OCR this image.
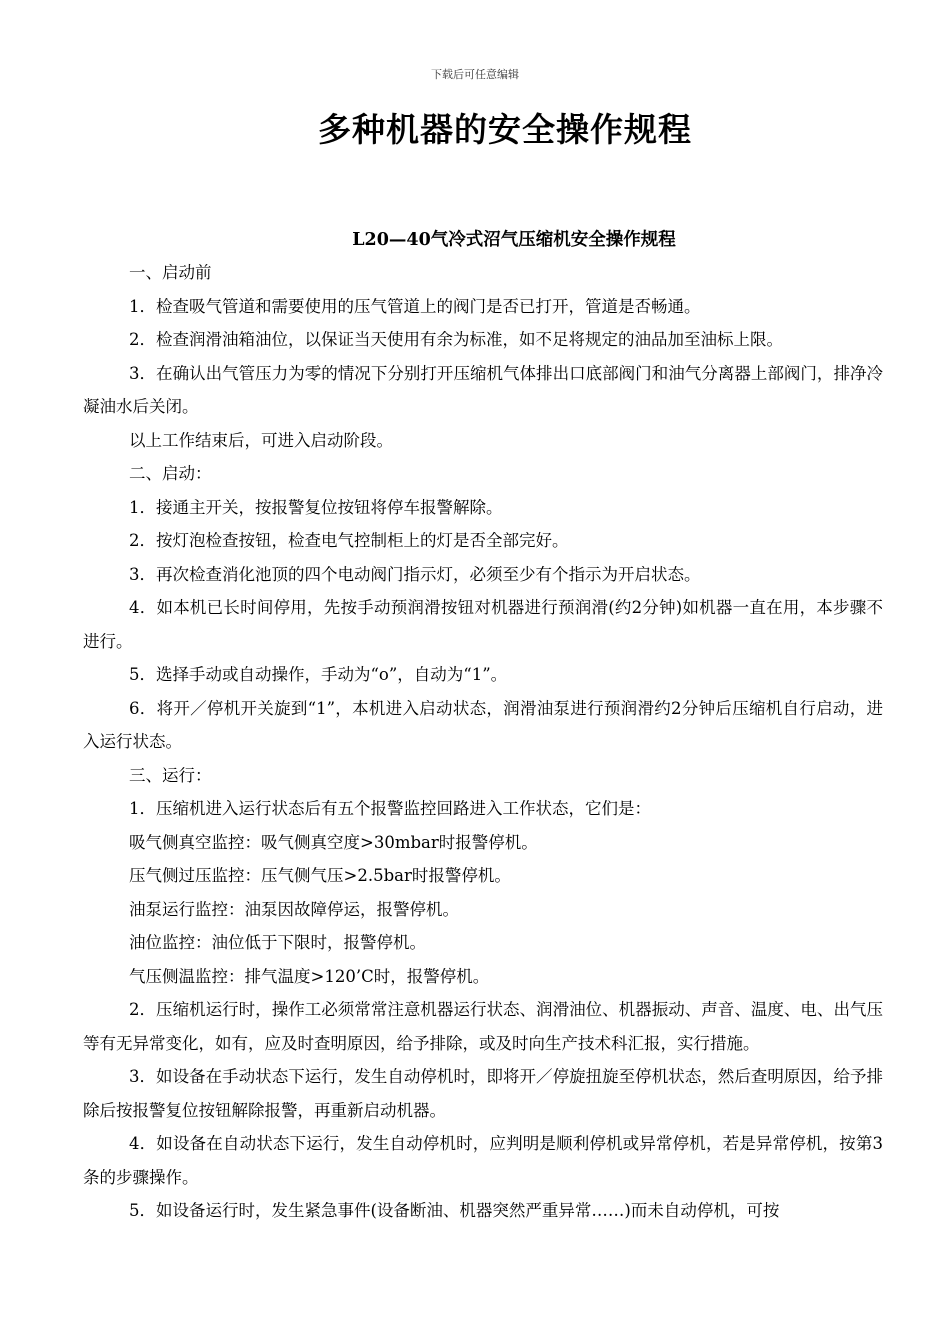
下载后可任意编辑
多种机器的安全操作规程
L20—40气冷式沼气压缩机安全操作规程

一、启动前

1．检查吸气管道和需要使用的压气管道上的阀门是否已打开，管道是否畅通。

2．检查润滑油箱油位，以保证当天使用有余为标准，如不足将规定的油品加至油标上限。

3．在确认出气管压力为零的情况下分别打开压缩机气体排出口底部阀门和油气分离器上部阀门，排净冷凝油水后关闭。

以上工作结束后，可进入启动阶段。

二、启动：

1．接通主开关，按报警复位按钮将停车报警解除。

2．按灯泡检查按钮，检查电气控制柜上的灯是否全部完好。

3．再次检查消化池顶的四个电动阀门指示灯，必须至少有个指示为开启状态。

4．如本机已长时间停用，先按手动预润滑按钮对机器进行预润滑(约2分钟)如机器一直在用，本步骤不进行。

5．选择手动或自动操作，手动为“o”，自动为“1”。

6．将开／停机开关旋到“1”，本机进入启动状态，润滑油泵进行预润滑约2分钟后压缩机自行启动，进入运行状态。

三、运行：

1．压缩机进入运行状态后有五个报警监控回路进入工作状态，它们是：

吸气侧真空监控：吸气侧真空度>30mbar时报警停机。

压气侧过压监控：压气侧气压>2.5bar时报警停机。

油泵运行监控：油泵因故障停运，报警停机。

油位监控：油位低于下限时，报警停机。

气压侧温监控：排气温度>120’C时，报警停机。

2．压缩机运行时，操作工必须常常注意机器运行状态、润滑油位、机器振动、声音、温度、电、出气压等有无异常变化，如有，应及时查明原因，给予排除，或及时向生产技术科汇报，实行措施。

3．如设备在手动状态下运行，发生自动停机时，即将开／停旋扭旋至停机状态，然后查明原因，给予排除后按报警复位按钮解除报警，再重新启动机器。

4．如设备在自动状态下运行，发生自动停机时，应判明是顺利停机或异常停机，若是异常停机，按第3条的步骤操作。

5．如设备运行时，发生紧急事件(设备断油、机器突然严重异常……)而未自动停机，可按
